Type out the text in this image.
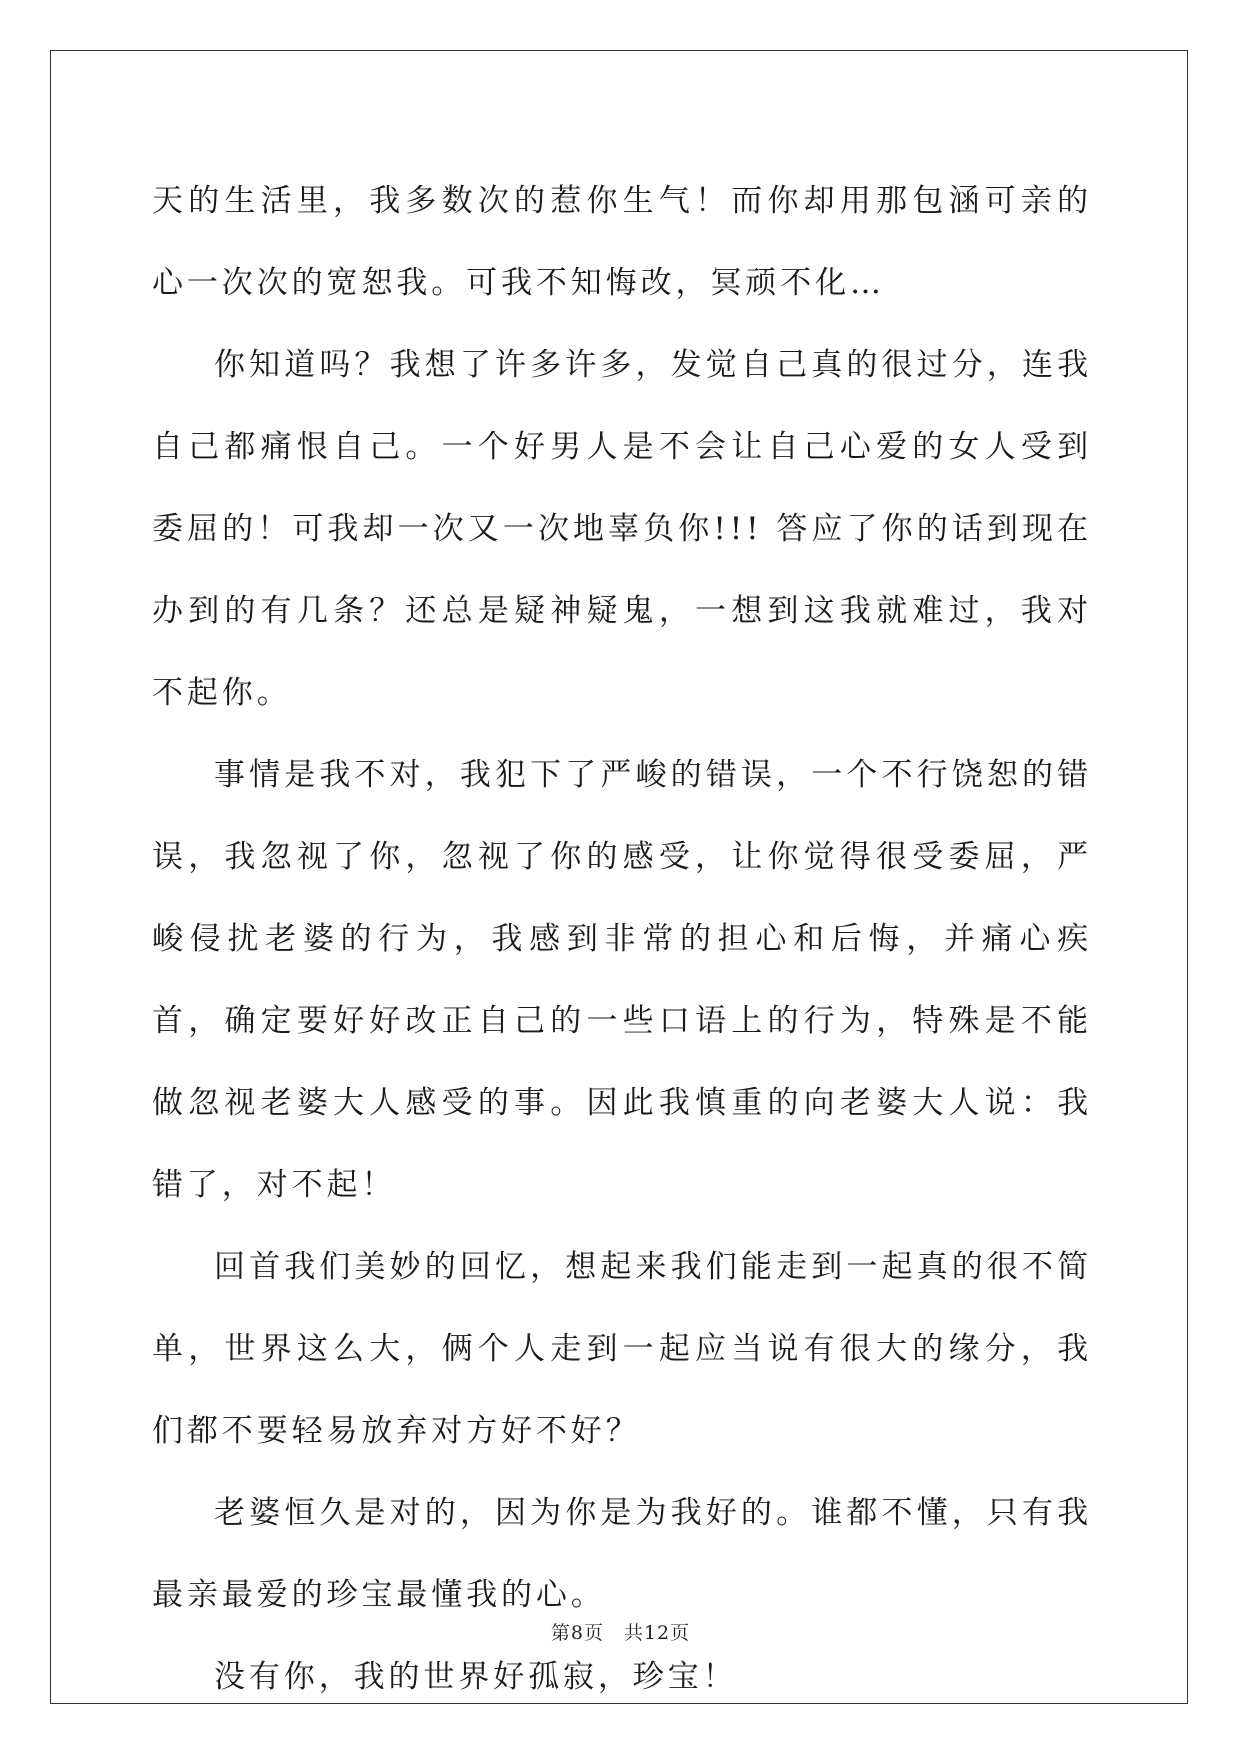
天的生活里，我多数次的惹你生气！而你却用那包涵可亲的心一次次的宽恕我。可我不知悔改，冥顽不化…

你知道吗？我想了许多许多，发觉自己真的很过分，连我自己都痛恨自己。一个好男人是不会让自己心爱的女人受到委屈的！可我却一次又一次地辜负你!!! 答应了你的话到现在办到的有几条？还总是疑神疑鬼，一想到这我就难过，我对不起你。

事情是我不对，我犯下了严峻的错误，一个不行饶恕的错误，我忽视了你，忽视了你的感受，让你觉得很受委屈，严峻侵扰老婆的行为，我感到非常的担心和后悔，并痛心疾首，确定要好好改正自己的一些口语上的行为，特殊是不能做忽视老婆大人感受的事。因此我慎重的向老婆大人说：我错了，对不起！

回首我们美妙的回忆，想起来我们能走到一起真的很不简单，世界这么大，俩个人走到一起应当说有很大的缘分，我们都不要轻易放弃对方好不好？

老婆恒久是对的，因为你是为我好的。谁都不懂，只有我最亲最爱的珍宝最懂我的心。

没有你，我的世界好孤寂，珍宝！

第8页 共12页
